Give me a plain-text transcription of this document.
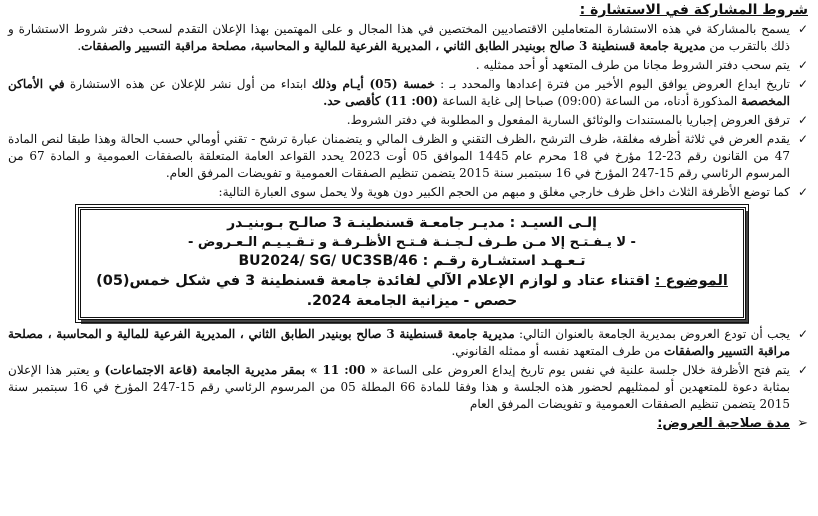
شروط المشاركة في الاستشارة :
✓
يسمح بالمشاركة في هذه الاستشارة المتعاملين الاقتصاديين المختصين في هذا المجال و على المهتمين بهذا الإعلان التقدم لسحب دفتر شروط الاستشارة و ذلك بالتقرب من مديرية جامعة قسنطينة 3 صالح بوبنيدر الطابق الثاني ، المديرية الفرعية للمالية و المحاسبة، مصلحة مراقبة التسيير والصفقات.
✓
يتم سحب دفتر الشروط مجانا من طرف المتعهد أو أحد ممثليه .
✓
تاريخ ايداع العروض يوافق اليوم الأخير من فترة إعدادها والمحدد بـ : خمسة (05) أيـام وذلك ابتداء من أول نشر للإعلان عن هذه الاستشارة في الأماكن المخصصة المذكورة أدناه، من الساعة (09:00) صباحا إلى غاية الساعة (00: 11) كأقصى حد.
✓
ترفق العروض إجباريا بالمستندات والوثائق السارية المفعول و المطلوبة في دفتر الشروط.
✓
يقدم العرض في ثلاثة أظرفه مغلقة، ظرف الترشح ،الظرف التقني و الظرف المالي و يتضمنان عبارة ترشح - تقني أومالي حسب الحالة وهذا طبقا لنص المادة 47 من القانون رقم 23-12 مؤرخ في 18 محرم عام 1445 الموافق 05 أوت 2023 يحدد القواعد العامة المتعلقة بالصفقات العمومية و المادة 67 من المرسوم الرئاسي رقم 15-247 المؤرخ في 16 سبتمبر سنة 2015 يتضمن تنظيم الصفقات العمومية و تفويضات المرفق العام.
✓
كما توضع الأظرفة الثلاث داخل ظرف خارجي مغلق و مبهم من الحجم الكبير دون هوية ولا يحمل سوى العبارة التالية:
إلـى السيـد : مديـر جامعـة قسنطينـة 3 صالـح بـوبنيـدر
- لا يـفـتـح إلا مـن طـرف لـجـنـة فـتـح الأظـرفـة و تـقـيـيـم الـعـروض -
تـعـهـد استشـارة رقـم : BU2024/ SG/ UC3SB/46
الموضوع : اقتناء عتاد و لوازم الإعلام الآلي لفائدة جامعة قسنطينة 3 في شكل خمس(05)
حصص - ميزانية الجامعة 2024.
✓
يجب أن تودع العروض بمديرية الجامعة بالعنوان التالي: مديرية جامعة قسنطينة 3 صالح بوبنيدر الطابق الثاني ، المديرية الفرعية للمالية و المحاسبة ، مصلحة مراقبة التسيير والصفقات من طرف المتعهد نفسه أو ممثله القانوني.
✓
يتم فتح الأظرفة خلال جلسة علنية في نفس يوم تاريخ إيداع العروض على الساعة « 00: 11 » بمقر مديرية الجامعة (قاعة الاجتماعات) و يعتبر هذا الإعلان بمثابة دعوة للمتعهدين أو لممثليهم لحضور هذه الجلسة و هذا وفقا للمادة 66 المطلة 05 من المرسوم الرئاسي رقم 15-247 المؤرخ في 16 سبتمبر سنة 2015 يتضمن تنظيم الصفقات العمومية و تفويضات المرفق العام
➢
مدة صلاحية العروض:
